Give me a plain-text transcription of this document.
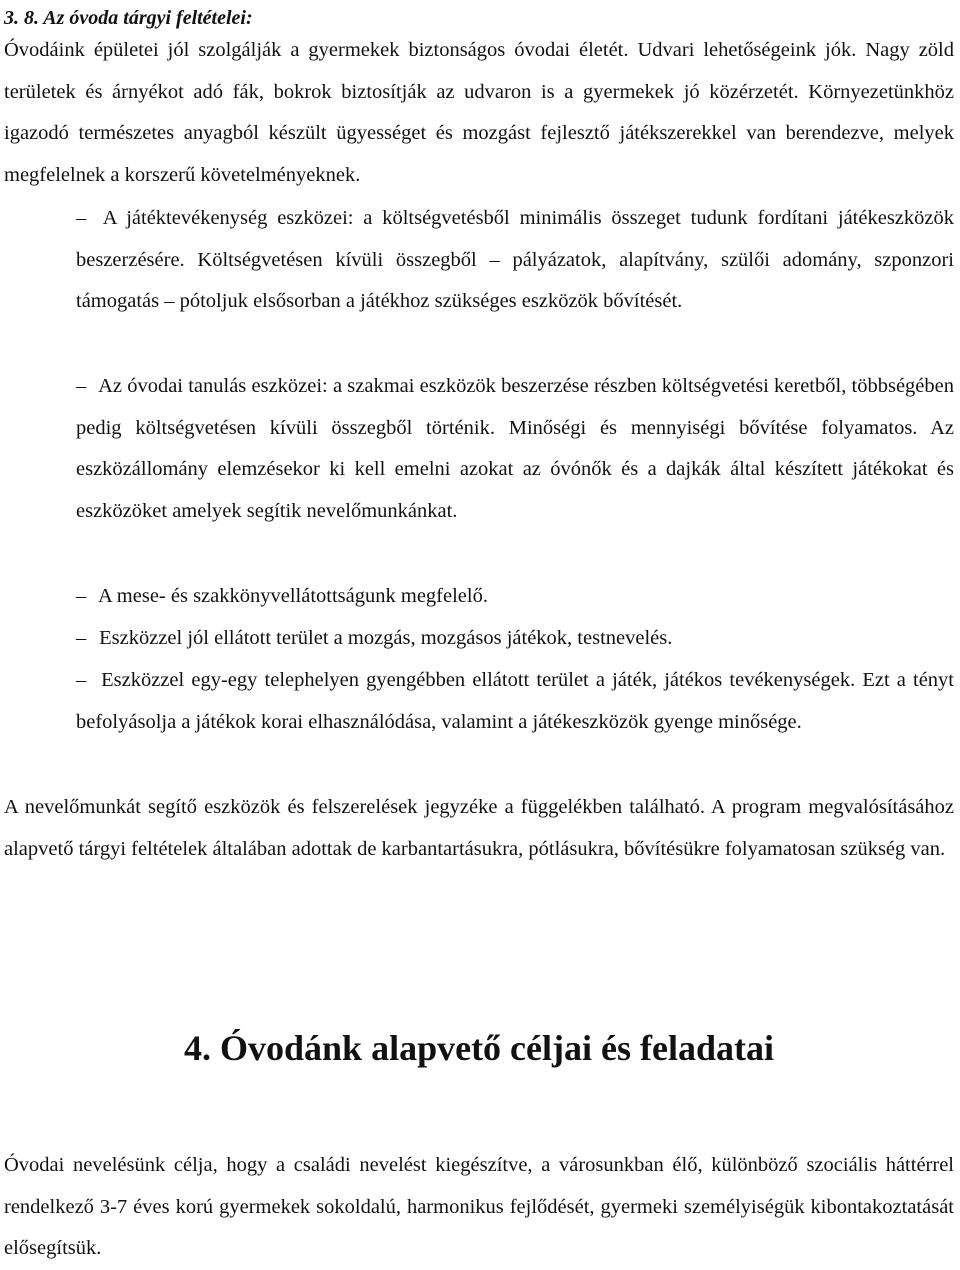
3. 8. Az óvoda tárgyi feltételei:

Óvodáink épületei jól szolgálják a gyermekek biztonságos óvodai életét. Udvari lehetőségeink jók. Nagy zöld területek és árnyékot adó fák, bokrok biztosítják az udvaron is a gyermekek jó közérzetét. Környezetünkhöz igazodó természetes anyagból készült ügyességet és mozgást fejlesztő játékszerekkel van berendezve, melyek megfelelnek a korszerű követelményeknek.

– A játéktevékenység eszközei: a költségvetésből minimális összeget tudunk fordítani játékeszközök beszerzésére. Költségvetésen kívüli összegből – pályázatok, alapítvány, szülői adomány, szponzori támogatás – pótoljuk elsősorban a játékhoz szükséges eszközök bővítését.

– Az óvodai tanulás eszközei: a szakmai eszközök beszerzése részben költségvetési keretből, többségében pedig költségvetésen kívüli összegből történik. Minőségi és mennyiségi bővítése folyamatos. Az eszközállomány elemzésekor ki kell emelni azokat az óvónők és a dajkák által készített játékokat és eszközöket amelyek segítik nevelőmunkánkat.

– A mese- és szakkönyvellátottságunk megfelelő.

– Eszközzel jól ellátott terület a mozgás, mozgásos játékok, testnevelés.

– Eszközzel egy-egy telephelyen gyengébben ellátott terület a játék, játékos tevékenységek. Ezt a tényt befolyásolja a játékok korai elhasználódása, valamint a játékeszközök gyenge minősége.

A nevelőmunkát segítő eszközök és felszerelések jegyzéke a függelékben található. A program megvalósításához alapvető tárgyi feltételek általában adottak de karbantartásukra, pótlásukra, bővítésükre folyamatosan szükség van.

4. Óvodánk alapvető céljai és feladatai

Óvodai nevelésünk célja, hogy a családi nevelést kiegészítve, a városunkban élő, különböző szociális háttérrel rendelkező 3-7 éves korú gyermekek sokoldalú, harmonikus fejlődését, gyermeki személyiségük kibontakoztatását elősegítsük.
